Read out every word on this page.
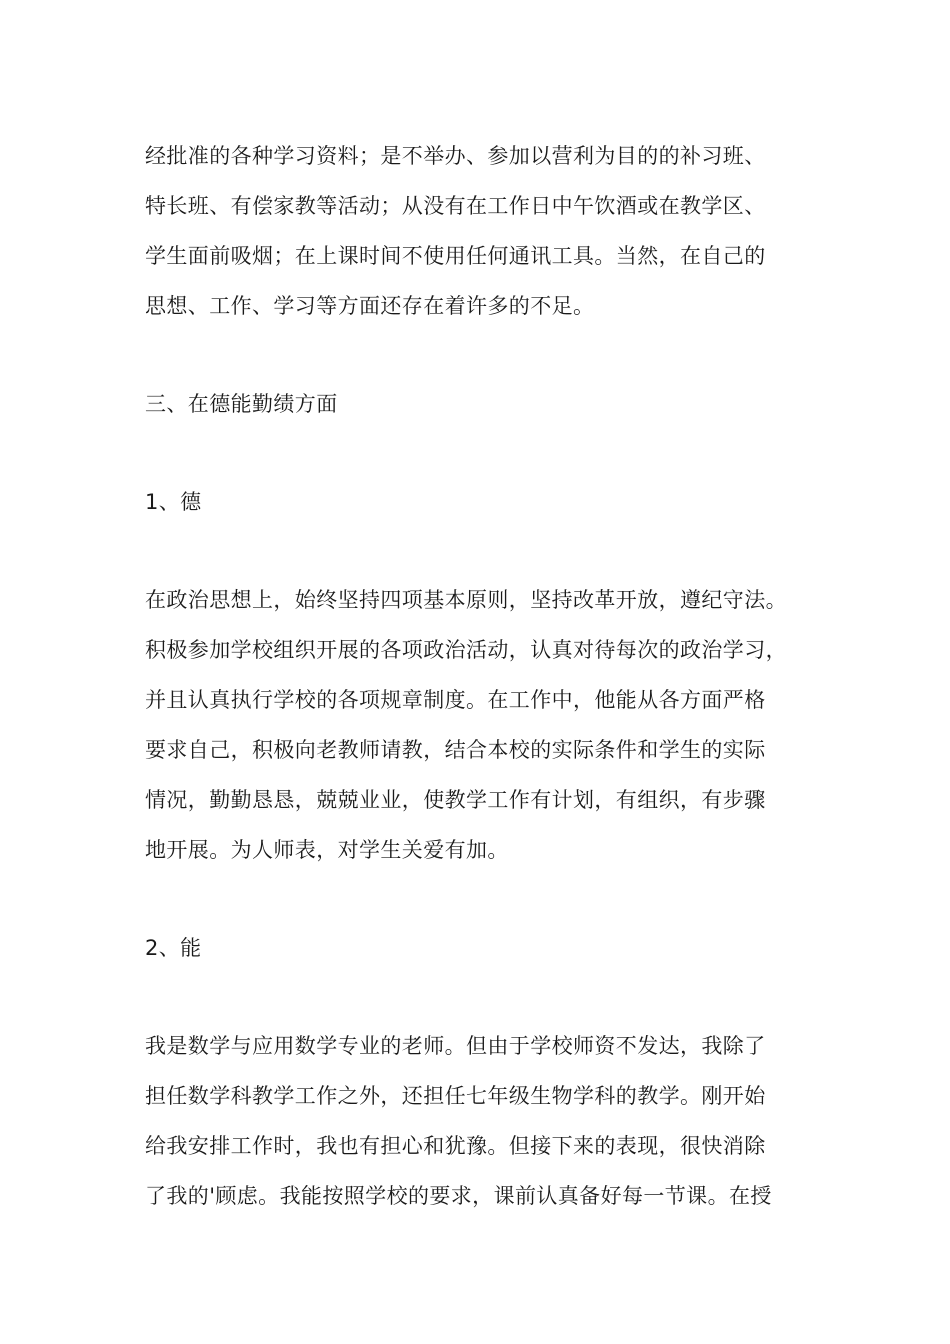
经批准的各种学习资料；是不举办、参加以营利为目的的补习班、
特长班、有偿家教等活动；从没有在工作日中午饮酒或在教学区、
学生面前吸烟；在上课时间不使用任何通讯工具。当然，在自己的
思想、工作、学习等方面还存在着许多的不足。
三、在德能勤绩方面
1、德
在政治思想上，始终坚持四项基本原则，坚持改革开放，遵纪守法。
积极参加学校组织开展的各项政治活动，认真对待每次的政治学习，
并且认真执行学校的各项规章制度。在工作中，他能从各方面严格
要求自己，积极向老教师请教，结合本校的实际条件和学生的实际
情况，勤勤恳恳，兢兢业业，使教学工作有计划，有组织，有步骤
地开展。为人师表，对学生关爱有加。
2、能
我是数学与应用数学专业的老师。但由于学校师资不发达，我除了
担任数学科教学工作之外，还担任七年级生物学科的教学。刚开始
给我安排工作时，我也有担心和犹豫。但接下来的表现，很快消除
了我的'顾虑。我能按照学校的要求，课前认真备好每一节课。在授
